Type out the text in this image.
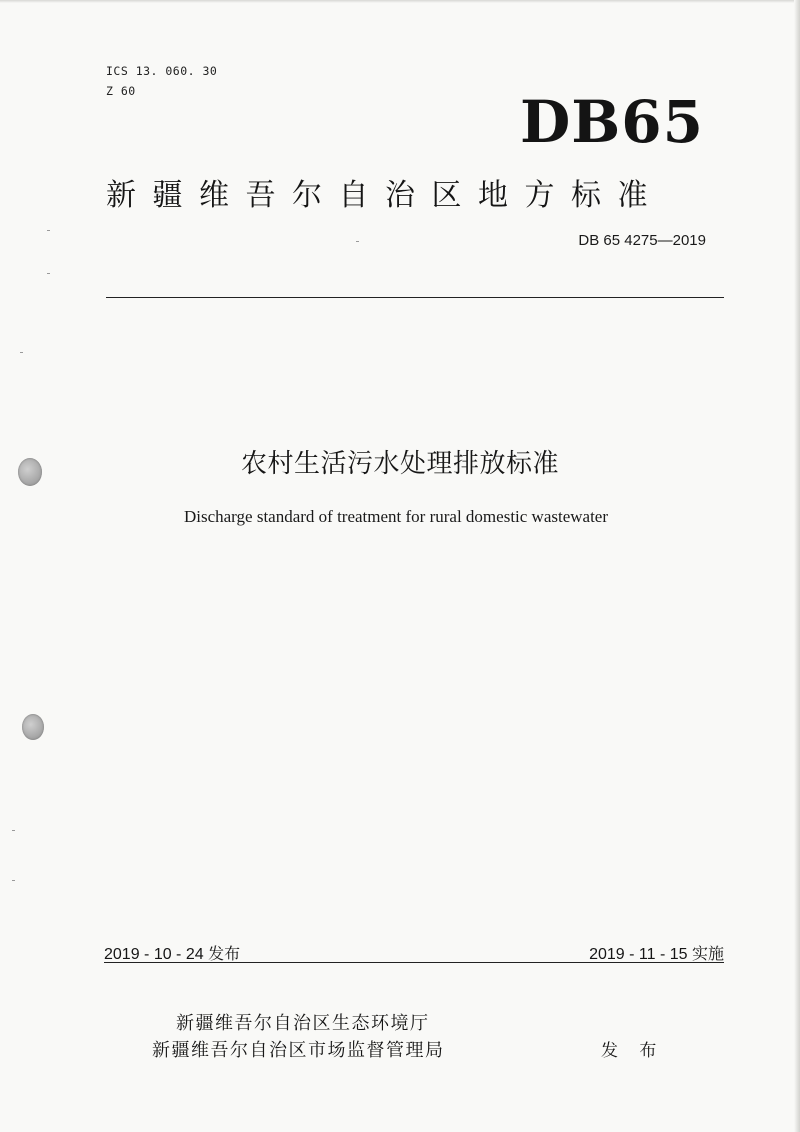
ICS 13. 060. 30
Z 60	DB65
新疆维吾尔自治区地方标准
DB 65 4275—2019
农村生活污水处理排放标准
Discharge standard of treatment for rural domestic wastewater
2019 - 10 - 24 发布	2019 - 11 - 15 实施
新疆维吾尔自治区生态环境厅
新疆维吾尔自治区市场监督管理局	发 布
